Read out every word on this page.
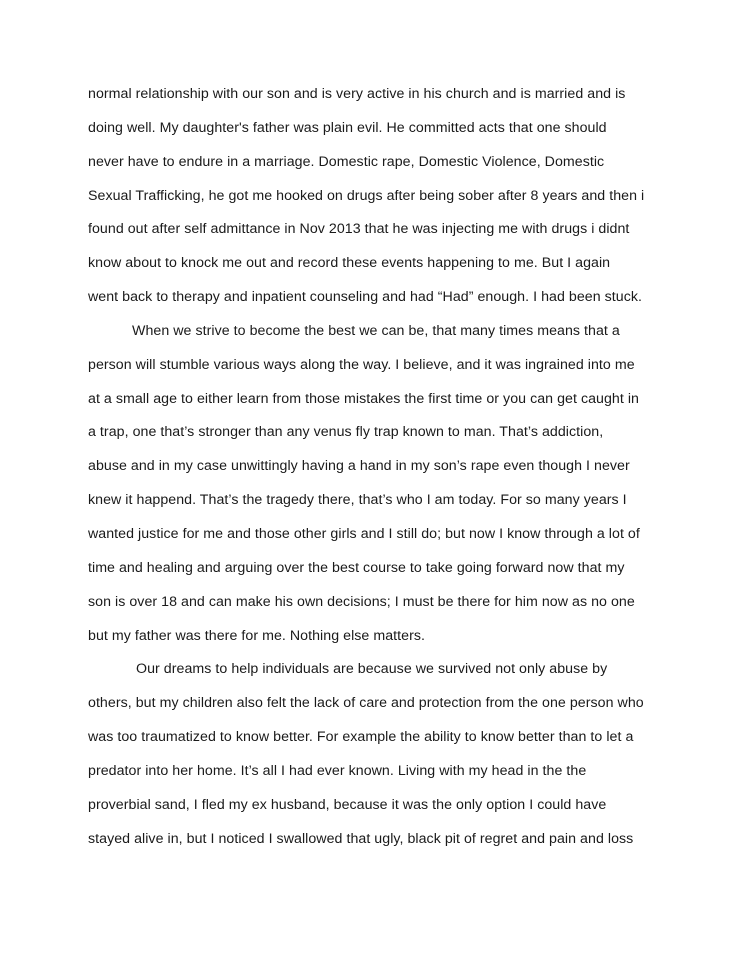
normal relationship with our son and is very active in his church and is married and is
doing well. My daughter's father was plain evil. He committed acts that one should
never have to endure in a marriage. Domestic rape, Domestic Violence, Domestic
Sexual Trafficking, he got me hooked on drugs after being sober after 8 years and then i
found out after self admittance in Nov 2013 that he was injecting me with drugs i didnt
know about to knock me out and record these events happening to me. But I again
went back to therapy and inpatient counseling and had “Had” enough. I had been stuck.
When we strive to become the best we can be, that many times means that a
person will stumble various ways along the way. I believe, and it was ingrained into me
at a small age to either learn from those mistakes the first time or you can get caught in
a trap, one that’s stronger than any venus fly trap known to man. That’s addiction,
abuse and in my case unwittingly having a hand in my son’s rape even though I never
knew it happend. That’s the tragedy there, that’s who I am today. For so many years I
wanted justice for me and those other girls and I still do; but now I know through a lot of
time and healing and arguing over the best course to take going forward now that my
son is over 18 and can make his own decisions; I must be there for him now as no one
but my father was there for me. Nothing else matters.
Our dreams to help individuals are because we survived not only abuse by
others, but my children also felt the lack of care and protection from the one person who
was too traumatized to know better. For example the ability to know better than to let a
predator into her home. It’s all I had ever known. Living with my head in the the
proverbial sand, I fled my ex husband, because it was the only option I could have
stayed alive in, but I noticed I swallowed that ugly, black pit of regret and pain and loss
